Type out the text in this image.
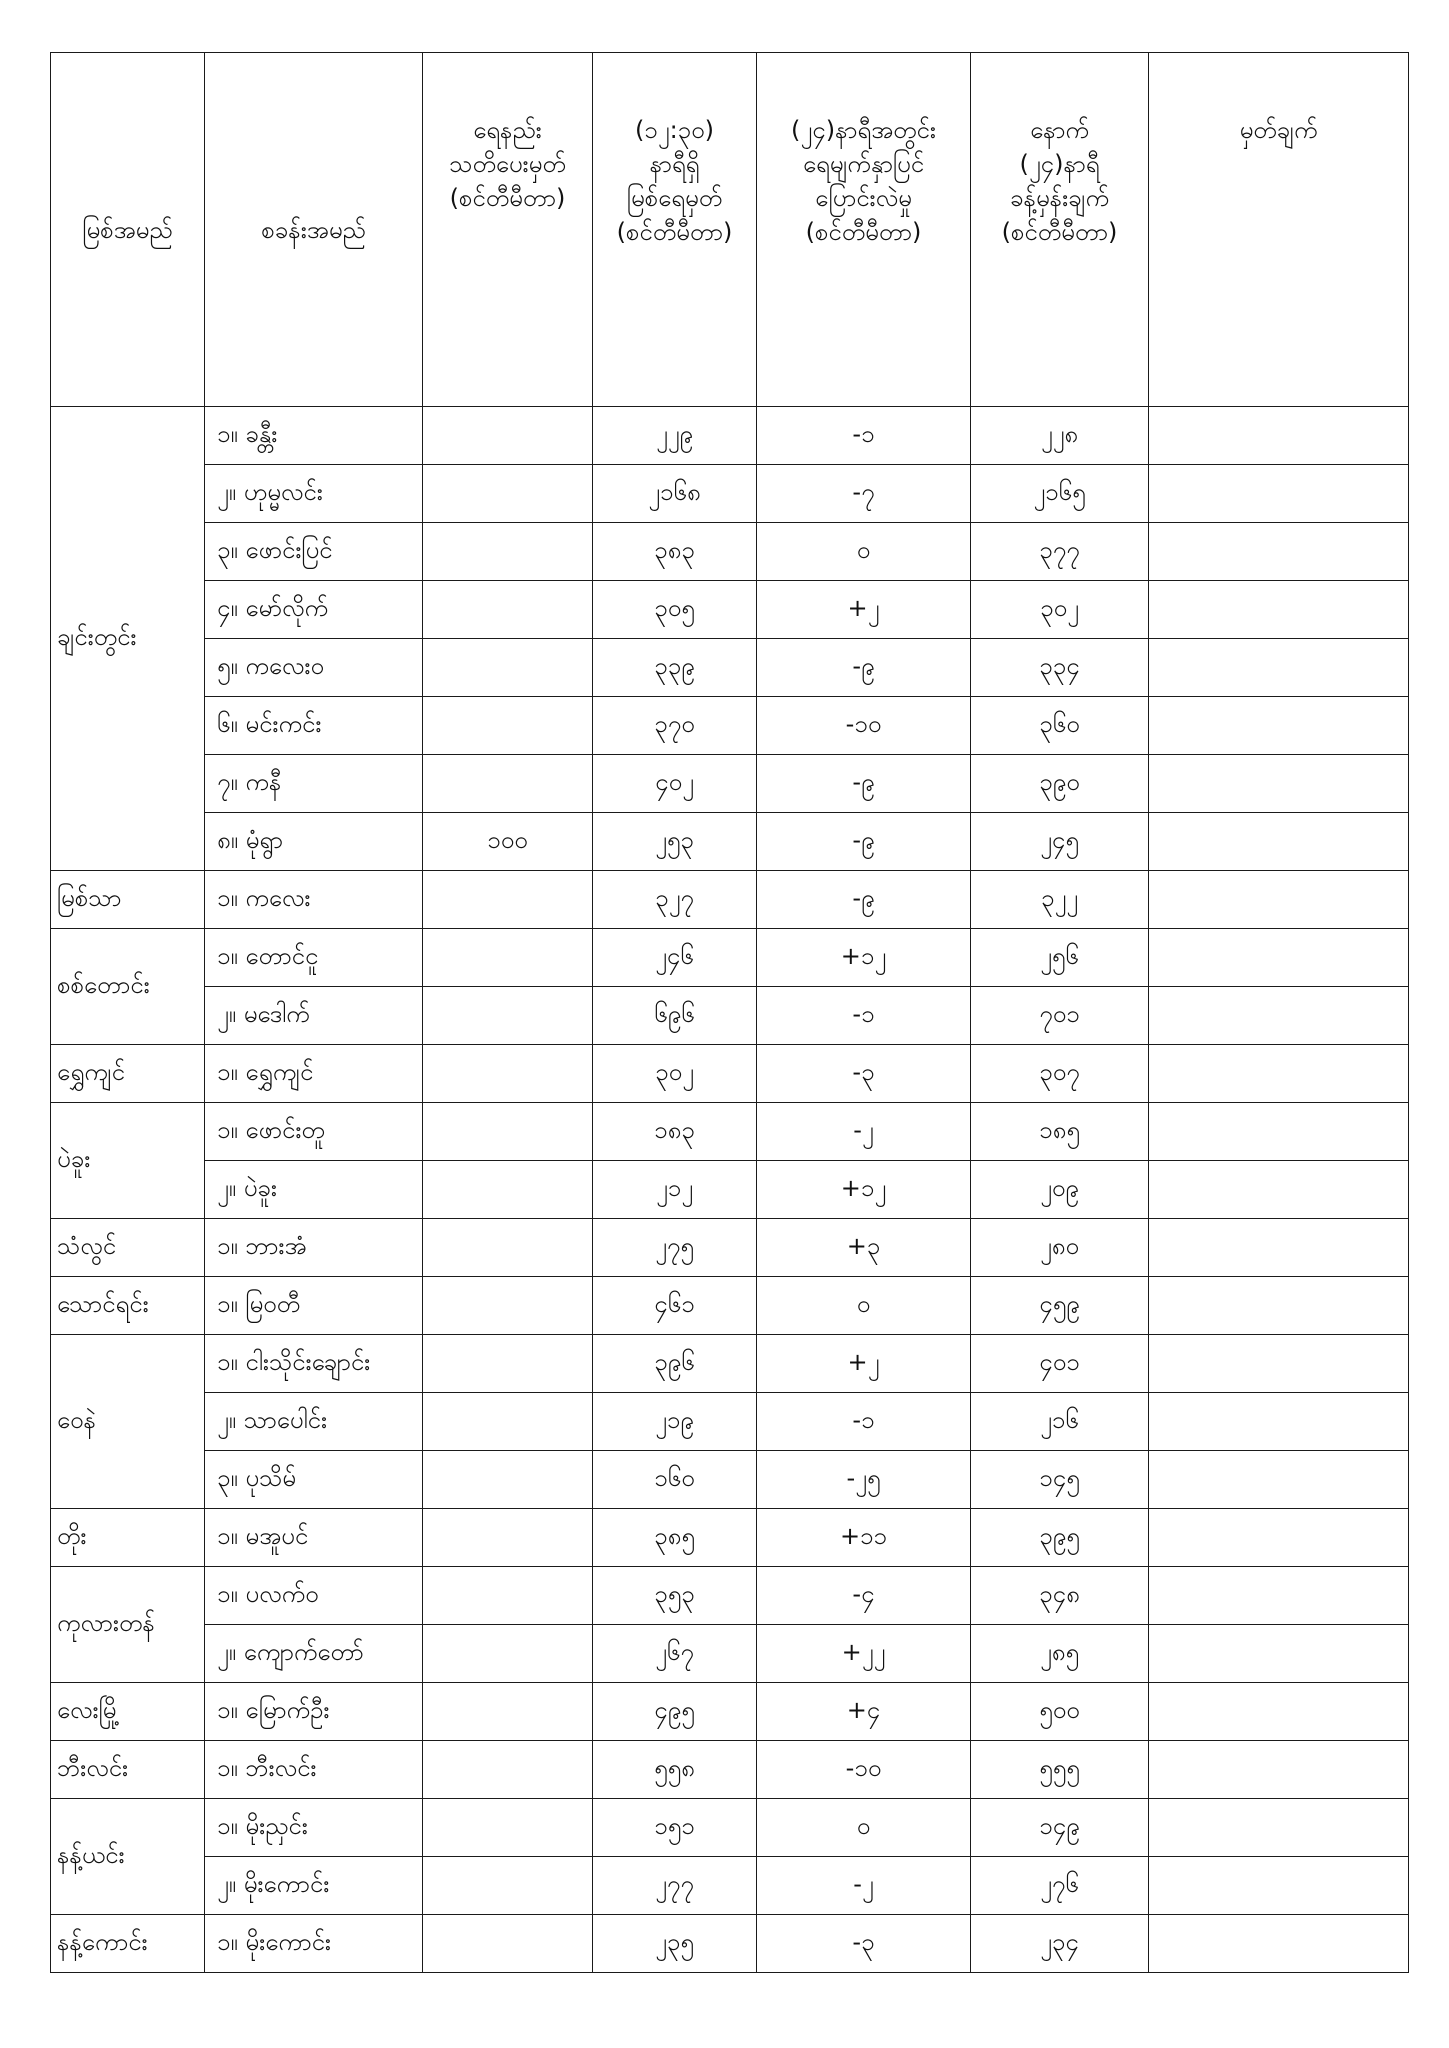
မြစ်အမည်	စခန်းအမည်	ရေနည်း
သတိပေးမှတ်
(စင်တီမီတာ)	(၁၂:၃၀)
နာရီရှိ
မြစ်ရေမှတ်
(စင်တီမီတာ)	(၂၄)နာရီအတွင်း
ရေမျက်နှာပြင်
ပြောင်းလဲမှု
(စင်တီမီတာ)	နောက်
(၂၄)နာရီ
ခန့်မှန်းချက်
(စင်တီမီတာ)	မှတ်ချက်
ချင်းတွင်း	၁။ ခန္တီး		၂၂၉	-၁	၂၂၈	
	၂။ ဟုမ္မလင်း		၂၁၆၈	-၇	၂၁၆၅	
	၃။ ဖောင်းပြင်		၃၈၃	၀	၃၇၇	
	၄။ မော်လိုက်		၃၀၅	+၂	၃၀၂	
	၅။ ကလေးဝ		၃၃၉	-၉	၃၃၄	
	၆။ မင်းကင်း		၃၇၀	-၁၀	၃၆၀	
	၇။ ကနီ		၄၀၂	-၉	၃၉၀	
	၈။ မုံရွာ	၁၀၀	၂၅၃	-၉	၂၄၅	
မြစ်သာ	၁။ ကလေး		၃၂၇	-၉	၃၂၂	
စစ်တောင်း	၁။ တောင်ငူ		၂၄၆	+၁၂	၂၅၆	
	၂။ မဒေါက်		၆၉၆	-၁	၇၀၁	
ရွှေကျင်	၁။ ရွှေကျင်		၃၀၂	-၃	၃၀၇	
ပဲခူး	၁။ ဖောင်းတူ		၁၈၃	-၂	၁၈၅	
	၂။ ပဲခူး		၂၁၂	+၁၂	၂၀၉	
သံလွင်	၁။ ဘားအံ		၂၇၅	+၃	၂၈၀	
သောင်ရင်း	၁။ မြဝတီ		၄၆၁	၀	၄၅၉	
ဝေနဲ	၁။ ငါးသိုင်းချောင်း		၃၉၆	+၂	၄၀၁	
	၂။ သာပေါင်း		၂၁၉	-၁	၂၁၆	
	၃။ ပုသိမ်		၁၆၀	-၂၅	၁၄၅	
တိုး	၁။ မအူပင်		၃၈၅	+၁၁	၃၉၅	
ကုလားတန်	၁။ ပလက်ဝ		၃၅၃	-၄	၃၄၈	
	၂။ ကျောက်တော်		၂၆၇	+၂၂	၂၈၅	
လေးမြို့	၁။ မြောက်ဦး		၄၉၅	+၄	၅၀၀	
ဘီးလင်း	၁။ ဘီးလင်း		၅၅၈	-၁၀	၅၅၅	
နန့်ယင်း	၁။ မိုးညှင်း		၁၅၁	၀	၁၄၉	
	၂။ မိုးကောင်း		၂၇၇	-၂	၂၇၆	
နန့်ကောင်း	၁။ မိုးကောင်း		၂၃၅	-၃	၂၃၄	
